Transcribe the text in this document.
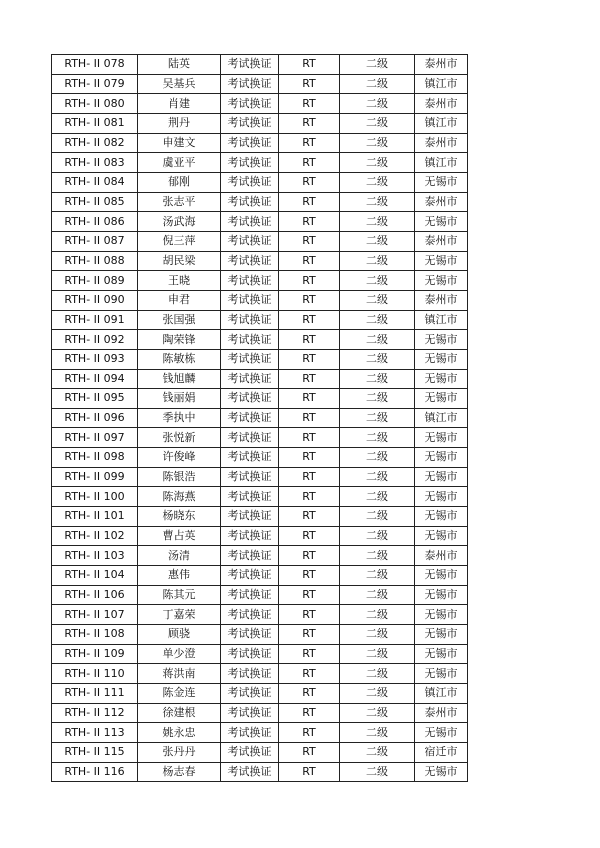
RTH- II 078	陆英	考试换证	RT	二级	泰州市
RTH- II 079	吴基兵	考试换证	RT	二级	镇江市
RTH- II 080	肖建	考试换证	RT	二级	泰州市
RTH- II 081	荆丹	考试换证	RT	二级	镇江市
RTH- II 082	申建文	考试换证	RT	二级	泰州市
RTH- II 083	虞亚平	考试换证	RT	二级	镇江市
RTH- II 084	郁刚	考试换证	RT	二级	无锡市
RTH- II 085	张志平	考试换证	RT	二级	泰州市
RTH- II 086	汤武海	考试换证	RT	二级	无锡市
RTH- II 087	倪三萍	考试换证	RT	二级	泰州市
RTH- II 088	胡民梁	考试换证	RT	二级	无锡市
RTH- II 089	王晓	考试换证	RT	二级	无锡市
RTH- II 090	申君	考试换证	RT	二级	泰州市
RTH- II 091	张国强	考试换证	RT	二级	镇江市
RTH- II 092	陶荣锋	考试换证	RT	二级	无锡市
RTH- II 093	陈敏栋	考试换证	RT	二级	无锡市
RTH- II 094	钱旭麟	考试换证	RT	二级	无锡市
RTH- II 095	钱丽娟	考试换证	RT	二级	无锡市
RTH- II 096	季执中	考试换证	RT	二级	镇江市
RTH- II 097	张悦新	考试换证	RT	二级	无锡市
RTH- II 098	许俊峰	考试换证	RT	二级	无锡市
RTH- II 099	陈银浩	考试换证	RT	二级	无锡市
RTH- II 100	陈海燕	考试换证	RT	二级	无锡市
RTH- II 101	杨晓东	考试换证	RT	二级	无锡市
RTH- II 102	曹占英	考试换证	RT	二级	无锡市
RTH- II 103	汤清	考试换证	RT	二级	泰州市
RTH- II 104	惠伟	考试换证	RT	二级	无锡市
RTH- II 106	陈其元	考试换证	RT	二级	无锡市
RTH- II 107	丁嘉荣	考试换证	RT	二级	无锡市
RTH- II 108	顾骁	考试换证	RT	二级	无锡市
RTH- II 109	单少澄	考试换证	RT	二级	无锡市
RTH- II 110	蒋洪南	考试换证	RT	二级	无锡市
RTH- II 111	陈金连	考试换证	RT	二级	镇江市
RTH- II 112	徐建根	考试换证	RT	二级	泰州市
RTH- II 113	姚永忠	考试换证	RT	二级	无锡市
RTH- II 115	张丹丹	考试换证	RT	二级	宿迁市
RTH- II 116	杨志春	考试换证	RT	二级	无锡市
